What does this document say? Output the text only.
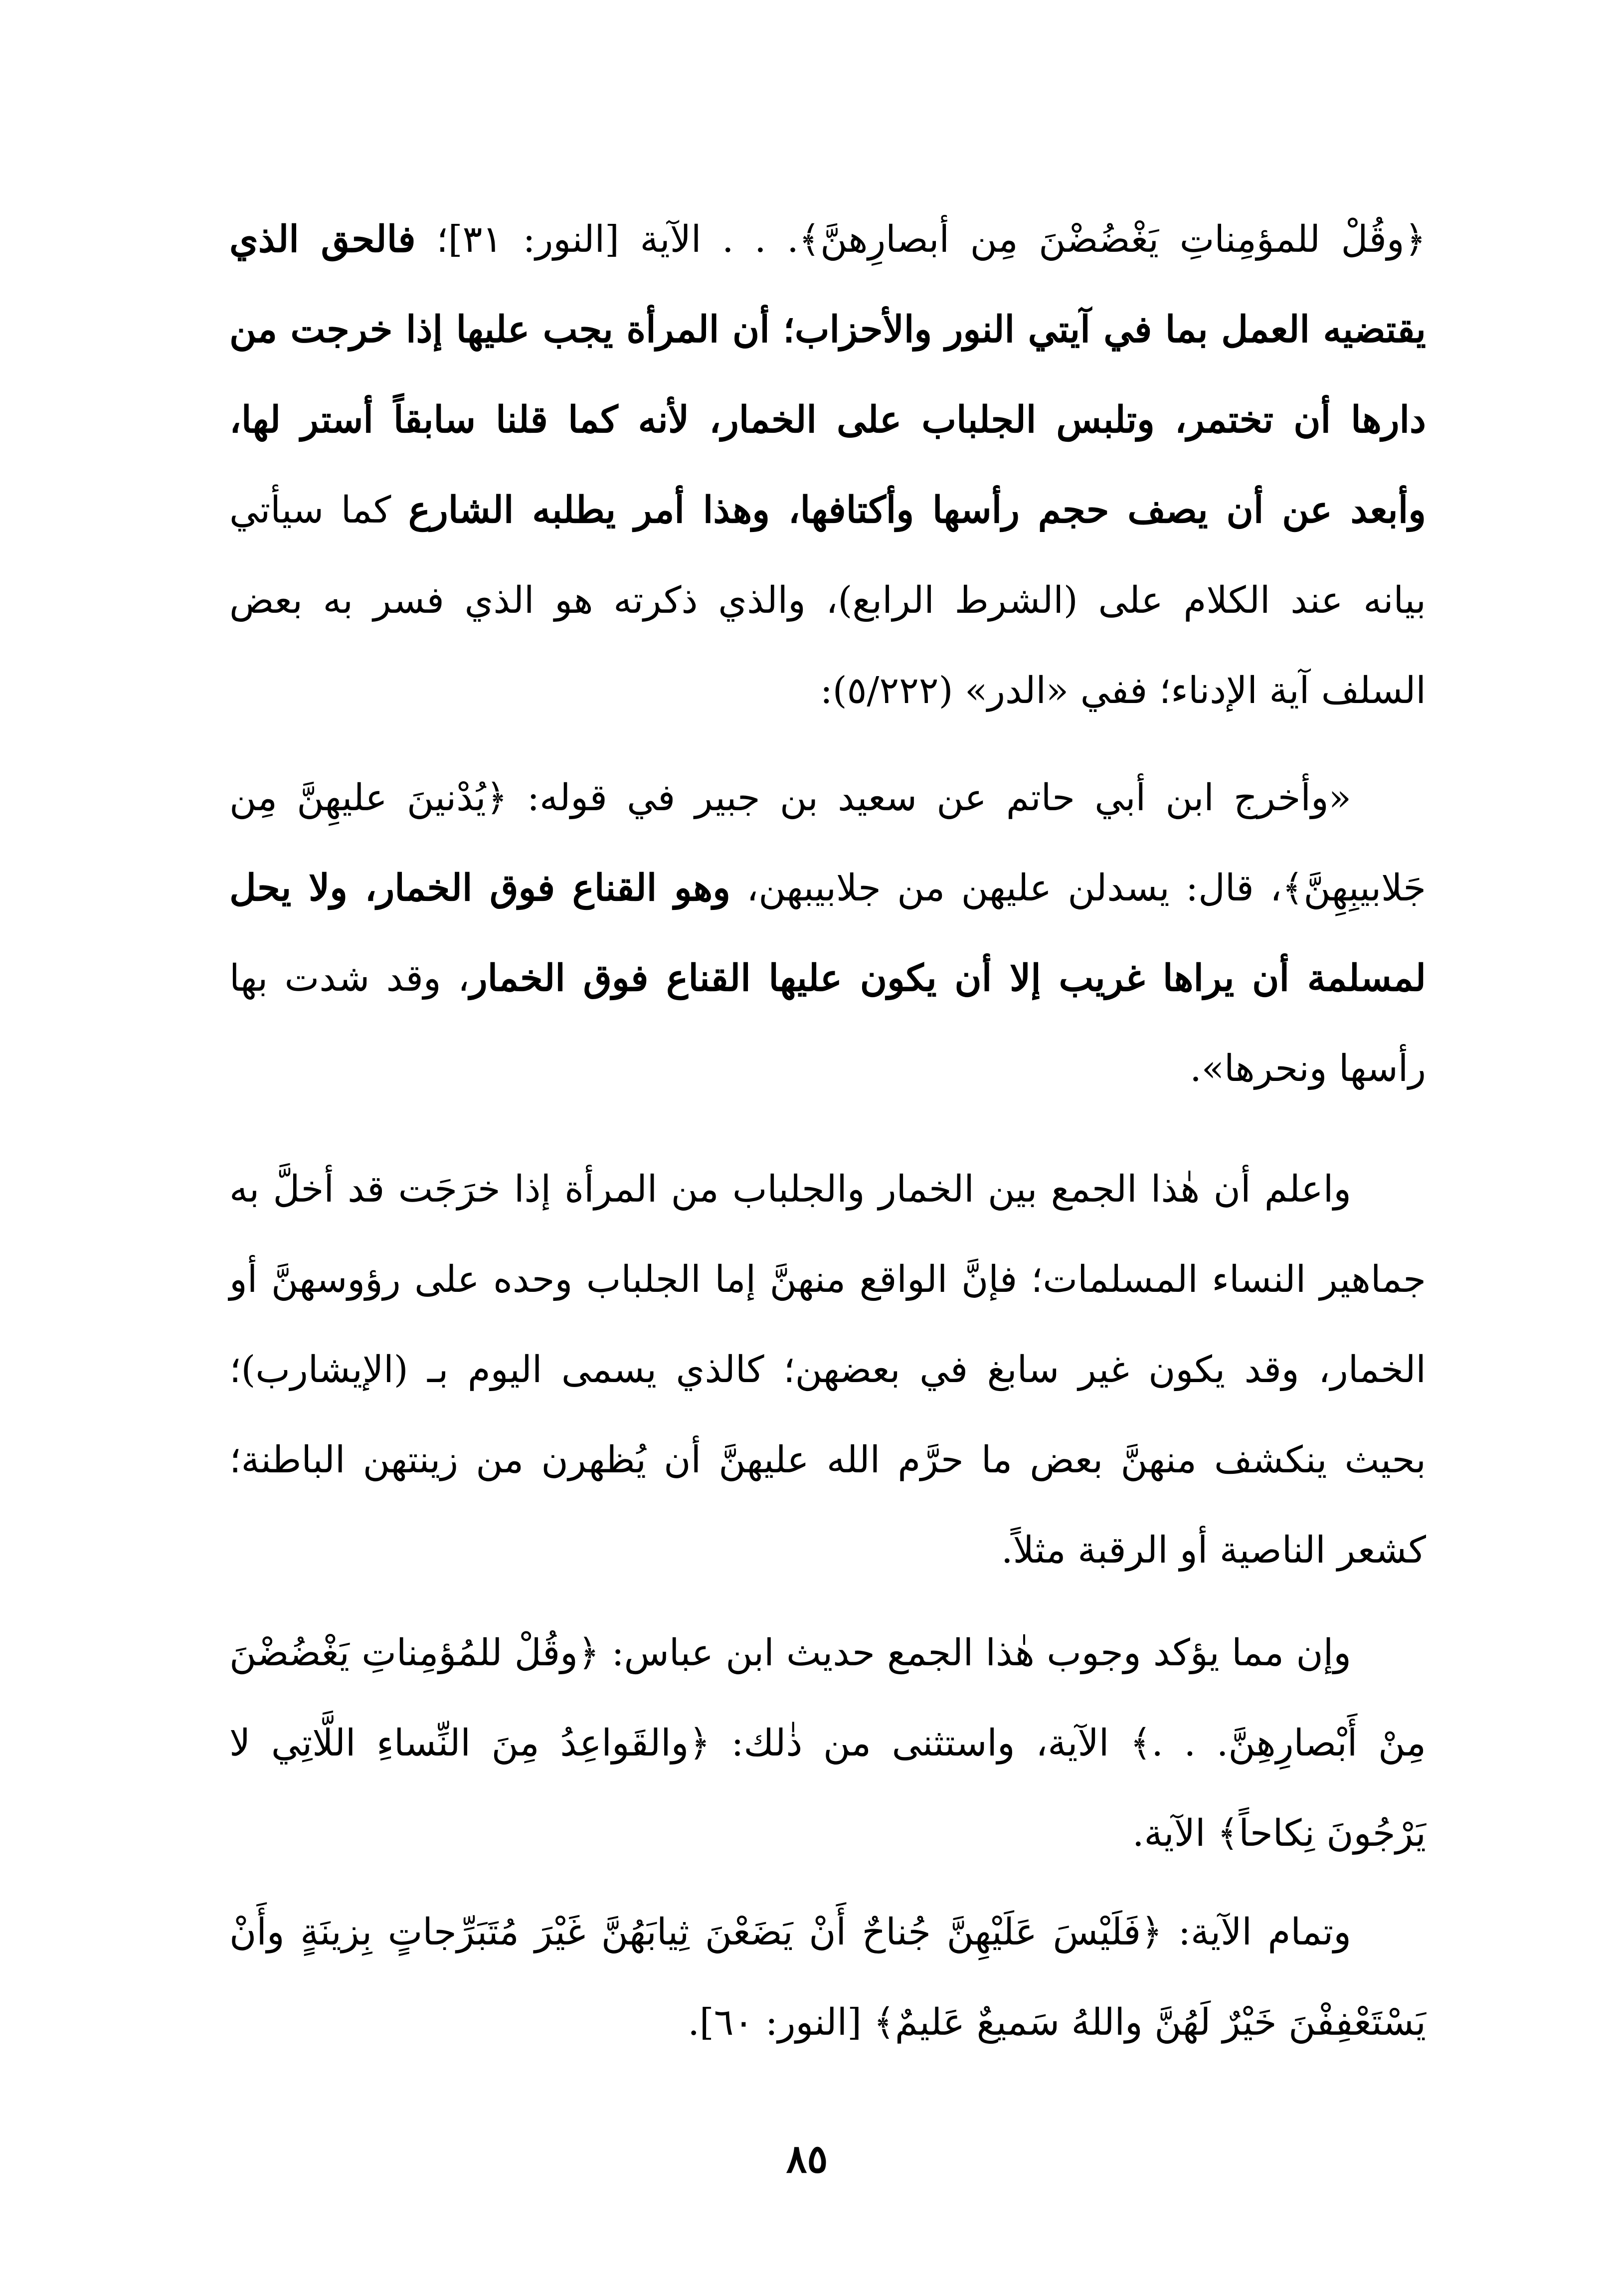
﴿وقُلْ للمؤمِناتِ يَغْضُضْنَ مِن أبصارِهنَّ﴾. . . الآية [النور: ٣١]؛ فالحق الذي يقتضيه العمل بما في آيتي النور والأحزاب؛ أن المرأة يجب عليها إذا خرجت من دارها أن تختمر، وتلبس الجلباب على الخمار، لأنه كما قلنا سابقاً أستر لها، وأبعد عن أن يصف حجم رأسها وأكتافها، وهذا أمر يطلبه الشارع كما سيأتي بيانه عند الكلام على (الشرط الرابع)، والذي ذكرته هو الذي فسر به بعض السلف آية الإدناء؛ ففي «الدر» (٥/٢٢٢):

«وأخرج ابن أبي حاتم عن سعيد بن جبير في قوله: ﴿يُدْنينَ عليهِنَّ مِن جَلابيبِهِنَّ﴾، قال: يسدلن عليهن من جلابيبهن، وهو القناع فوق الخمار، ولا يحل لمسلمة أن يراها غريب إلا أن يكون عليها القناع فوق الخمار، وقد شدت بها رأسها ونحرها».

واعلم أن هٰذا الجمع بين الخمار والجلباب من المرأة إذا خرَجَت قد أخلَّ به جماهير النساء المسلمات؛ فإنَّ الواقع منهنَّ إما الجلباب وحده على رؤوسهنَّ أو الخمار، وقد يكون غير سابغ في بعضهن؛ كالذي يسمى اليوم بـ (الإيشارب)؛ بحيث ينكشف منهنَّ بعض ما حرَّم الله عليهنَّ أن يُظهرن من زينتهن الباطنة؛ كشعر الناصية أو الرقبة مثلاً.

وإن مما يؤكد وجوب هٰذا الجمع حديث ابن عباس: ﴿وقُلْ للمُؤمِناتِ يَغْضُضْنَ مِنْ أَبْصارِهِنَّ. . .﴾ الآية، واستثنى من ذٰلك: ﴿والقَواعِدُ مِنَ النِّساءِ اللَّاتِي لا يَرْجُونَ نِكاحاً﴾ الآية.

وتمام الآية: ﴿فَلَيْسَ عَلَيْهِنَّ جُناحٌ أَنْ يَضَعْنَ ثِيابَهُنَّ غَيْرَ مُتَبَرِّجاتٍ بِزينَةٍ وأَنْ يَسْتَعْفِفْنَ خَيْرٌ لَهُنَّ واللهُ سَميعٌ عَليمٌ﴾ [النور: ٦٠].

٨٥
